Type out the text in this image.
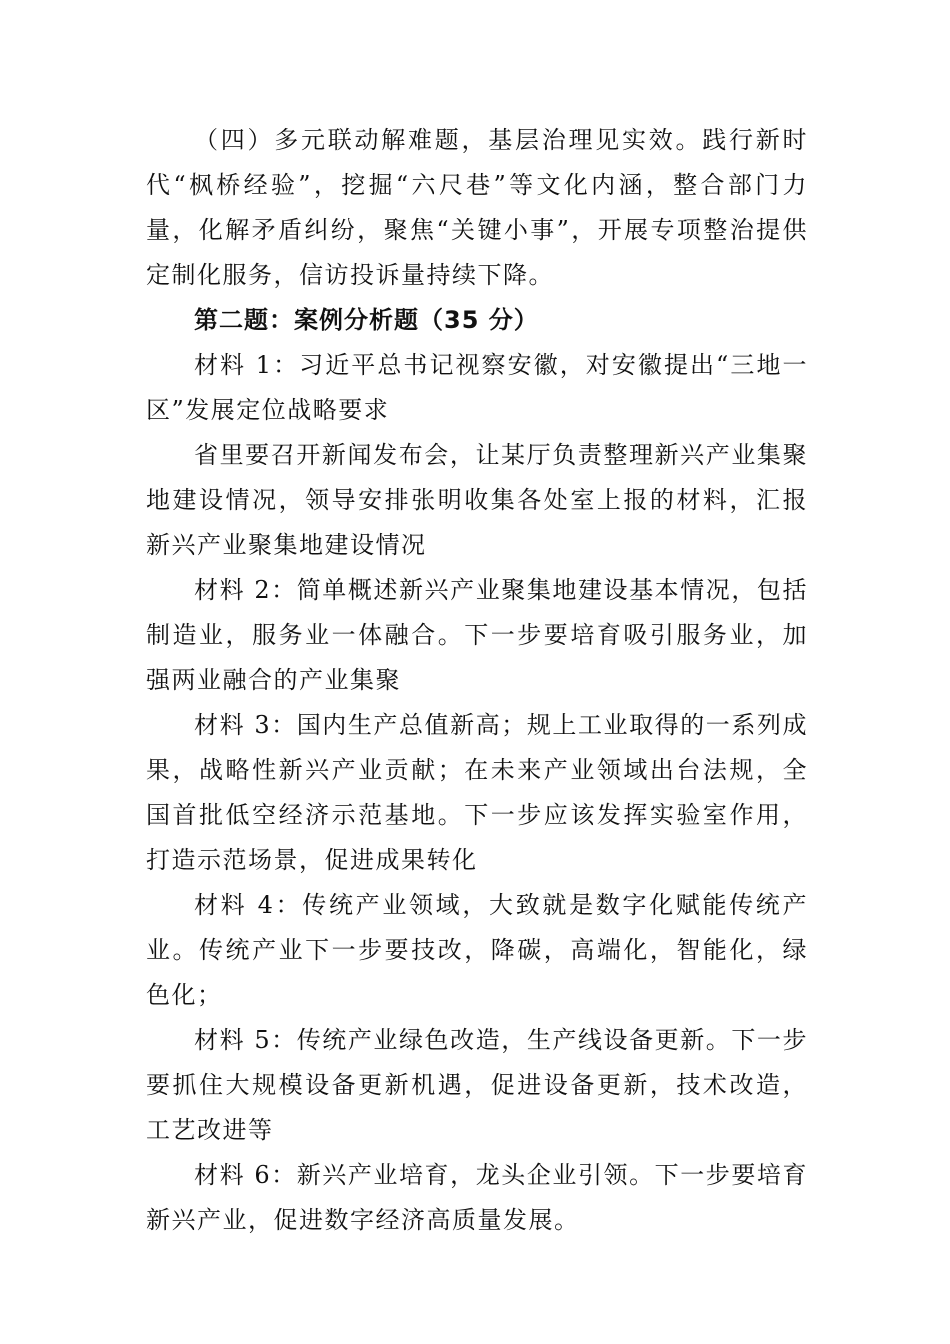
（四）多元联动解难题，基层治理见实效。践行新时代“枫桥经验”，挖掘“六尺巷”等文化内涵，整合部门力量，化解矛盾纠纷，聚焦“关键小事”，开展专项整治提供定制化服务，信访投诉量持续下降。

第二题：案例分析题（35 分）

材料 1：习近平总书记视察安徽，对安徽提出“三地一区”发展定位战略要求

省里要召开新闻发布会，让某厅负责整理新兴产业集聚地建设情况，领导安排张明收集各处室上报的材料，汇报新兴产业聚集地建设情况

材料 2：简单概述新兴产业聚集地建设基本情况，包括制造业，服务业一体融合。下一步要培育吸引服务业，加强两业融合的产业集聚

材料 3：国内生产总值新高；规上工业取得的一系列成果，战略性新兴产业贡献；在未来产业领域出台法规，全国首批低空经济示范基地。下一步应该发挥实验室作用，打造示范场景，促进成果转化

材料 4：传统产业领域，大致就是数字化赋能传统产业。传统产业下一步要技改，降碳，高端化，智能化，绿色化；

材料 5：传统产业绿色改造，生产线设备更新。下一步要抓住大规模设备更新机遇，促进设备更新，技术改造，工艺改进等

材料 6：新兴产业培育，龙头企业引领。下一步要培育新兴产业，促进数字经济高质量发展。
